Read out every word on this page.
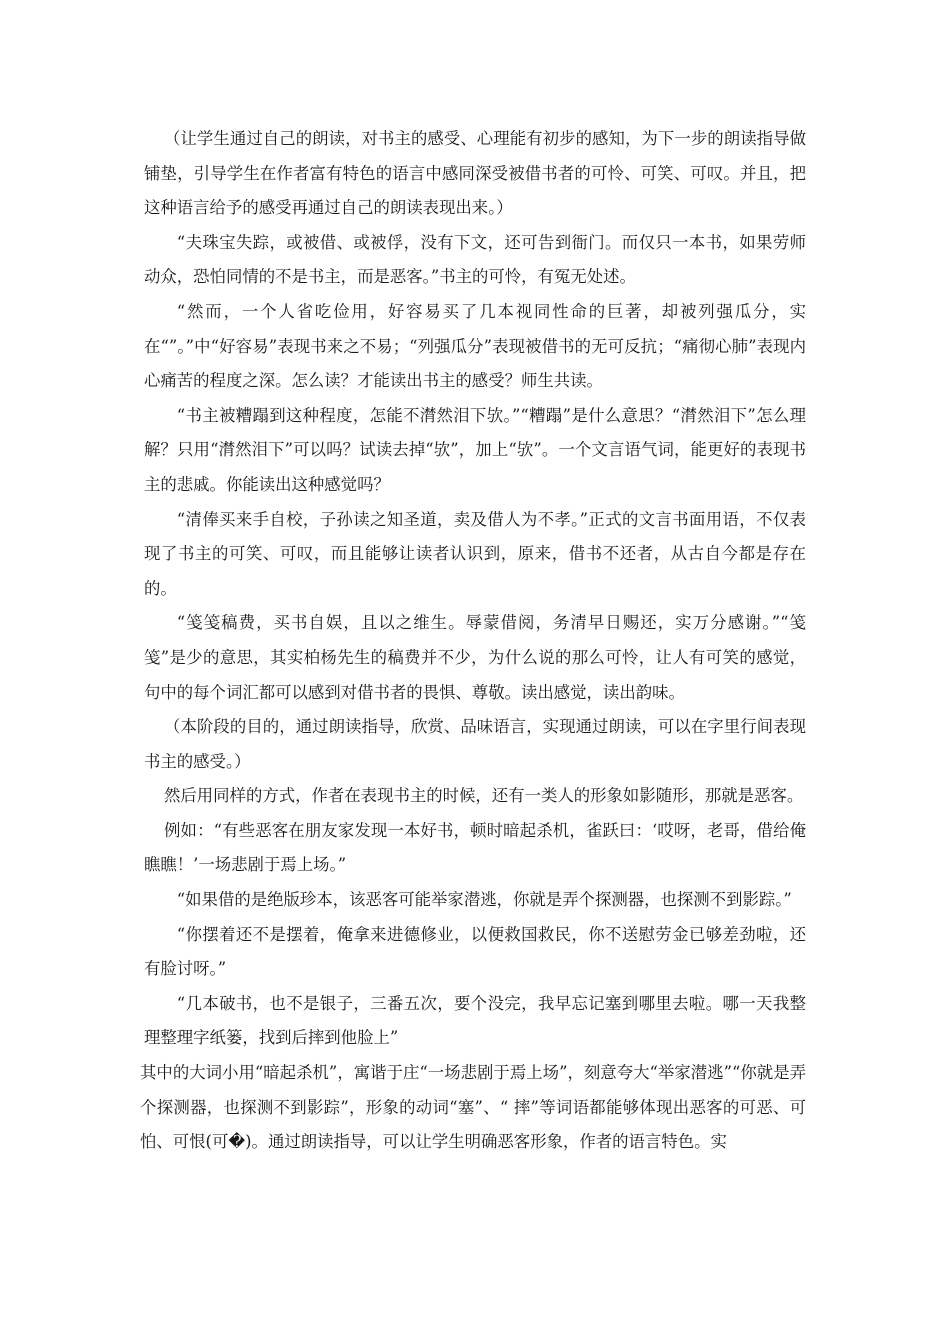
（让学生通过自己的朗读，对书主的感受、心理能有初步的感知，为下一步的朗读指导做铺垫，引导学生在作者富有特色的语言中感同深受被借书者的可怜、可笑、可叹。并且，把这种语言给予的感受再通过自己的朗读表现出来。）

“夫珠宝失踪，或被借、或被俘，没有下文，还可告到衙门。而仅只一本书，如果劳师动众，恐怕同情的不是书主，而是恶客。”书主的可怜，有冤无处述。

“然而，一个人省吃俭用，好容易买了几本视同性命的巨著，却被列强瓜分，实在“”。”中“好容易”表现书来之不易；“列强瓜分”表现被借书的无可反抗；“痛彻心肺”表现内心痛苦的程度之深。怎么读？才能读出书主的感受？师生共读。

“书主被糟蹋到这种程度，怎能不潸然泪下欤。”“糟蹋”是什么意思？“潸然泪下”怎么理解？只用“潸然泪下”可以吗？试读去掉“欤”，加上“欤”。一个文言语气词，能更好的表现书主的悲戚。你能读出这种感觉吗？

“清俸买来手自校，子孙读之知圣道，卖及借人为不孝。”正式的文言书面用语，不仅表现了书主的可笑、可叹，而且能够让读者认识到，原来，借书不还者，从古自今都是存在的。

“笺笺稿费，买书自娱，且以之维生。辱蒙借阅，务清早日赐还，实万分感谢。”“笺笺”是少的意思，其实柏杨先生的稿费并不少，为什么说的那么可怜，让人有可笑的感觉，句中的每个词汇都可以感到对借书者的畏惧、尊敬。读出感觉，读出韵味。

（本阶段的目的，通过朗读指导，欣赏、品味语言，实现通过朗读，可以在字里行间表现书主的感受。）

然后用同样的方式，作者在表现书主的时候，还有一类人的形象如影随形，那就是恶客。

例如：“有些恶客在朋友家发现一本好书，顿时暗起杀机，雀跃曰：‘哎呀，老哥，借给俺瞧瞧！’一场悲剧于焉上场。”

“如果借的是绝版珍本，该恶客可能举家潜逃，你就是弄个探测器，也探测不到影踪。”

“你摆着还不是摆着，俺拿来进德修业，以便救国救民，你不送慰劳金已够差劲啦，还有脸讨呀。”

“几本破书，也不是银子，三番五次，要个没完，我早忘记塞到哪里去啦。哪一天我整理整理字纸篓，找到后摔到他脸上”

其中的大词小用“暗起杀机”，寓谐于庄“一场悲剧于焉上场”，刻意夸大“举家潜逃”“你就是弄个探测器，也探测不到影踪”，形象的动词“塞”、“ 摔”等词语都能够体现出恶客的可恶、可怕、可恨(可�)。通过朗读指导，可以让学生明确恶客形象，作者的语言特色。实
